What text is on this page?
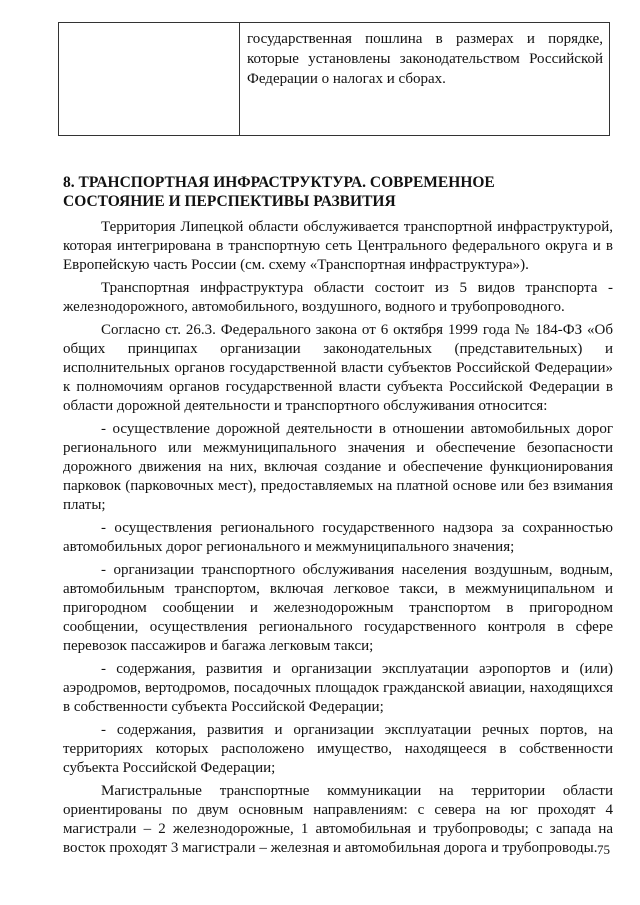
государственная пошлина в размерах и порядке, которые установлены законодательством Российской Федерации о налогах и сборах.
8. ТРАНСПОРТНАЯ ИНФРАСТРУКТУРА. СОВРЕМЕННОЕ
СОСТОЯНИЕ И ПЕРСПЕКТИВЫ РАЗВИТИЯ

Территория Липецкой области обслуживается транспортной инфраструктурой, которая интегрирована в транспортную сеть Центрального федерального округа и в Европейскую часть России (см. схему «Транспортная инфраструктура»).

Транспортная инфраструктура области состоит из 5 видов транспорта - железнодорожного, автомобильного, воздушного, водного и трубопроводного.

Согласно ст. 26.3. Федерального закона от 6 октября 1999 года № 184-ФЗ «Об общих принципах организации законодательных (представительных) и исполнительных органов государственной власти субъектов Российской Федерации» к полномочиям органов государственной власти субъекта Российской Федерации в области дорожной деятельности и транспортного обслуживания относится:

- осуществление дорожной деятельности в отношении автомобильных дорог регионального или межмуниципального значения и обеспечение безопасности дорожного движения на них, включая создание и обеспечение функционирования парковок (парковочных мест), предоставляемых на платной основе или без взимания платы;

- осуществления регионального государственного надзора за сохранностью автомобильных дорог регионального и межмуниципального значения;

- организации транспортного обслуживания населения воздушным, водным, автомобильным транспортом, включая легковое такси, в межмуниципальном и пригородном сообщении и железнодорожным транспортом в пригородном сообщении, осуществления регионального государственного контроля в сфере перевозок пассажиров и багажа легковым такси;

- содержания, развития и организации эксплуатации аэропортов и (или) аэродромов, вертодромов, посадочных площадок гражданской авиации, находящихся в собственности субъекта Российской Федерации;

- содержания, развития и организации эксплуатации речных портов, на территориях которых расположено имущество, находящееся в собственности субъекта Российской Федерации;

Магистральные транспортные коммуникации на территории области ориентированы по двум основным направлениям: с севера на юг проходят 4 магистрали – 2 железнодорожные, 1 автомобильная и трубопроводы; с запада на восток проходят 3 магистрали – железная и автомобильная дорога и трубопроводы. 75
